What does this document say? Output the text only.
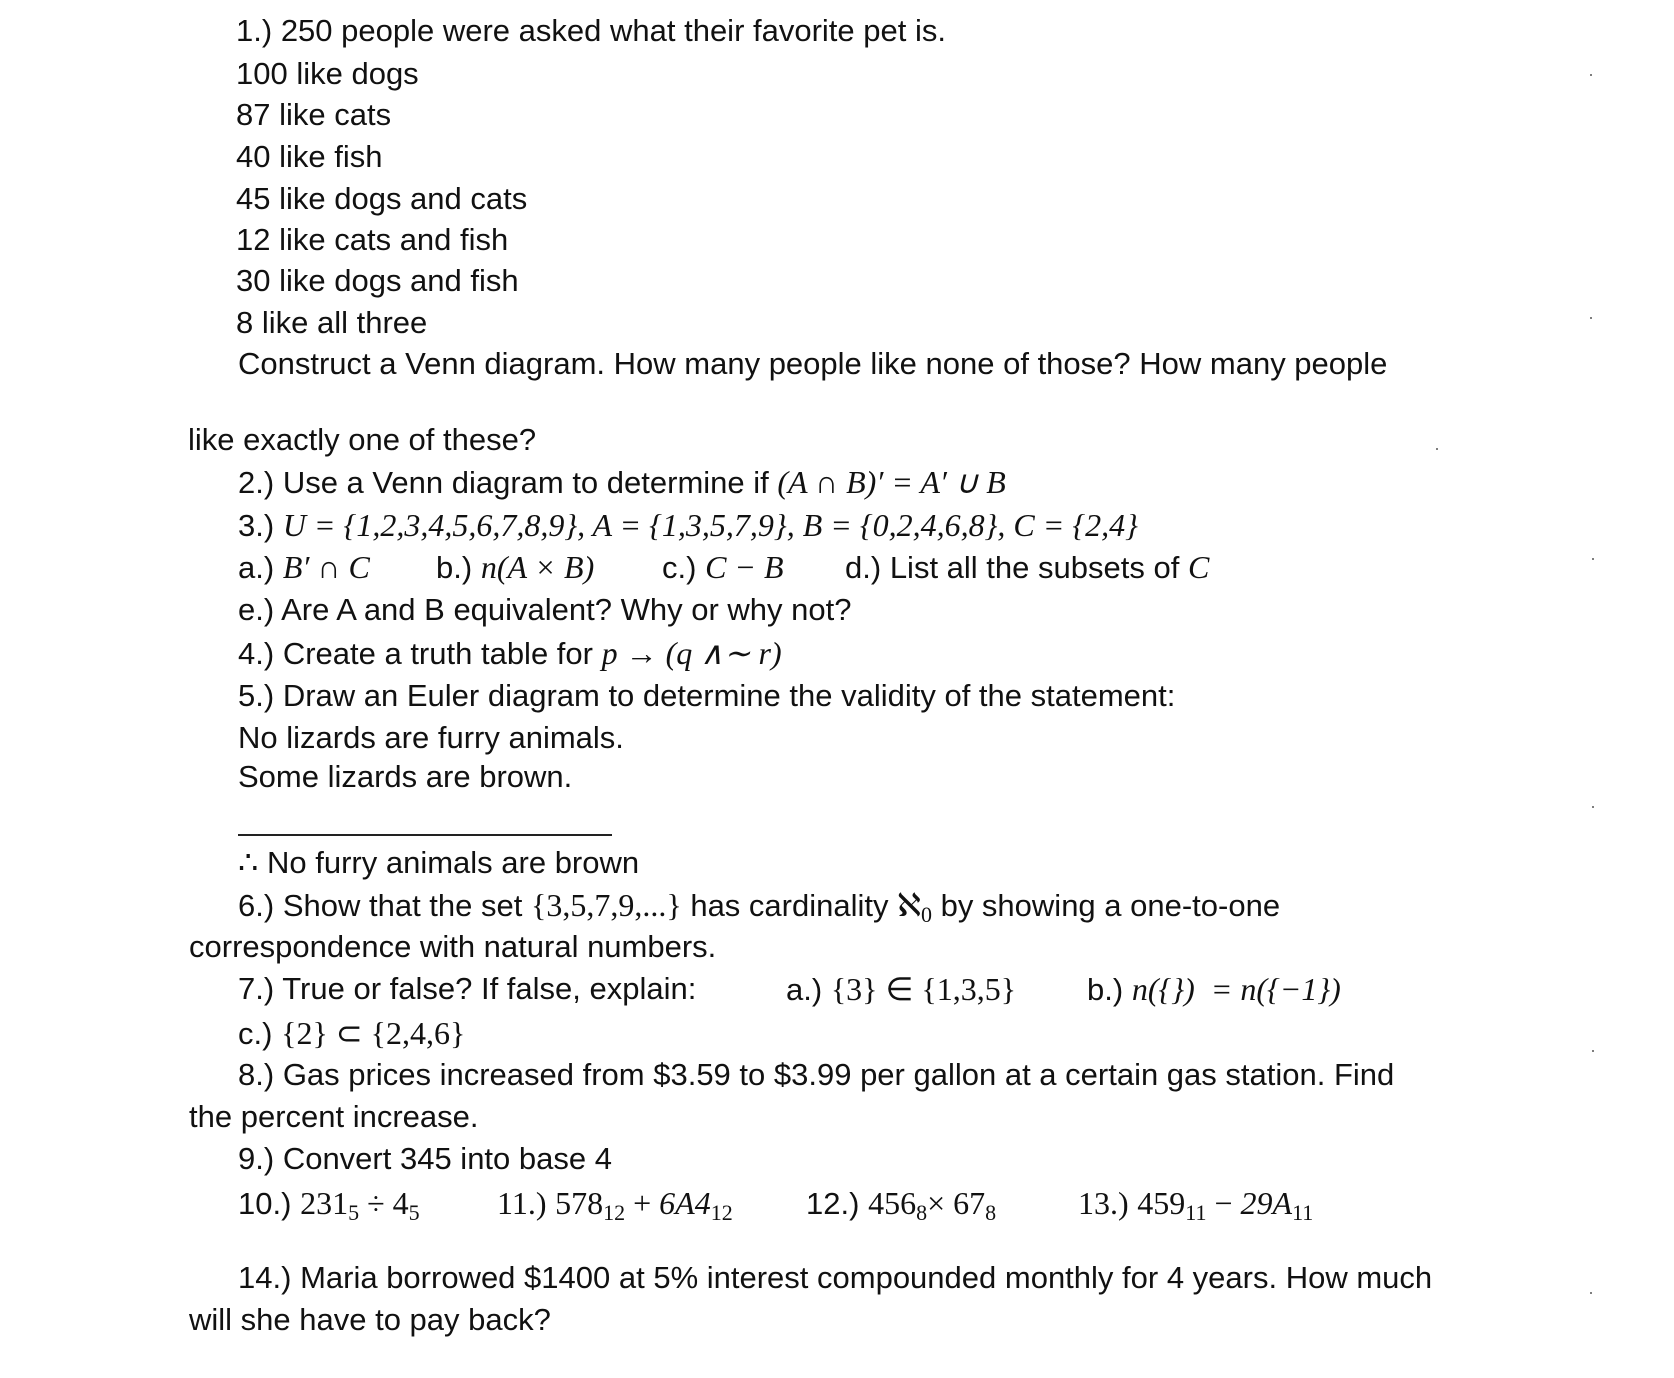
1.) 250 people were asked what their favorite pet is.
100 like dogs
87 like cats
40 like fish
45 like dogs and cats
12 like cats and fish
30 like dogs and fish
8 like all three
Construct a Venn diagram. How many people like none of those? How many people
like exactly one of these?
2.) Use a Venn diagram to determine if (A ∩ B)′ = A′ ∪ B
3.) U = {1,2,3,4,5,6,7,8,9}, A = {1,3,5,7,9}, B = {0,2,4,6,8}, C = {2,4}
a.) B′ ∩ C b.) n(A × B) c.) C − B d.) List all the subsets of C
e.) Are A and B equivalent? Why or why not?
4.) Create a truth table for p → (q ∧∼ r)
5.) Draw an Euler diagram to determine the validity of the statement:
No lizards are furry animals.
Some lizards are brown.
∴ No furry animals are brown
6.) Show that the set {3,5,7,9,...} has cardinality ℵ$_0$ by showing a one-to-one
correspondence with natural numbers.
7.) True or false? If false, explain:	a.) {3} ∈ {1,3,5} b.) n({})  = n({−1})
c.) {2} ⊂ {2,4,6}
8.) Gas prices increased from $3.59 to $3.99 per gallon at a certain gas station. Find
the percent increase.
9.) Convert 345 into base 4
10.) $231_5 \div 4_5$ 11.) $578_{12} + 6A4_{12}$ 12.) $456_8\times 67_8$	13.) $459_{11} - 29A_{11}$
14.) Maria borrowed $1400 at 5% interest compounded monthly for 4 years. How much
will she have to pay back?
